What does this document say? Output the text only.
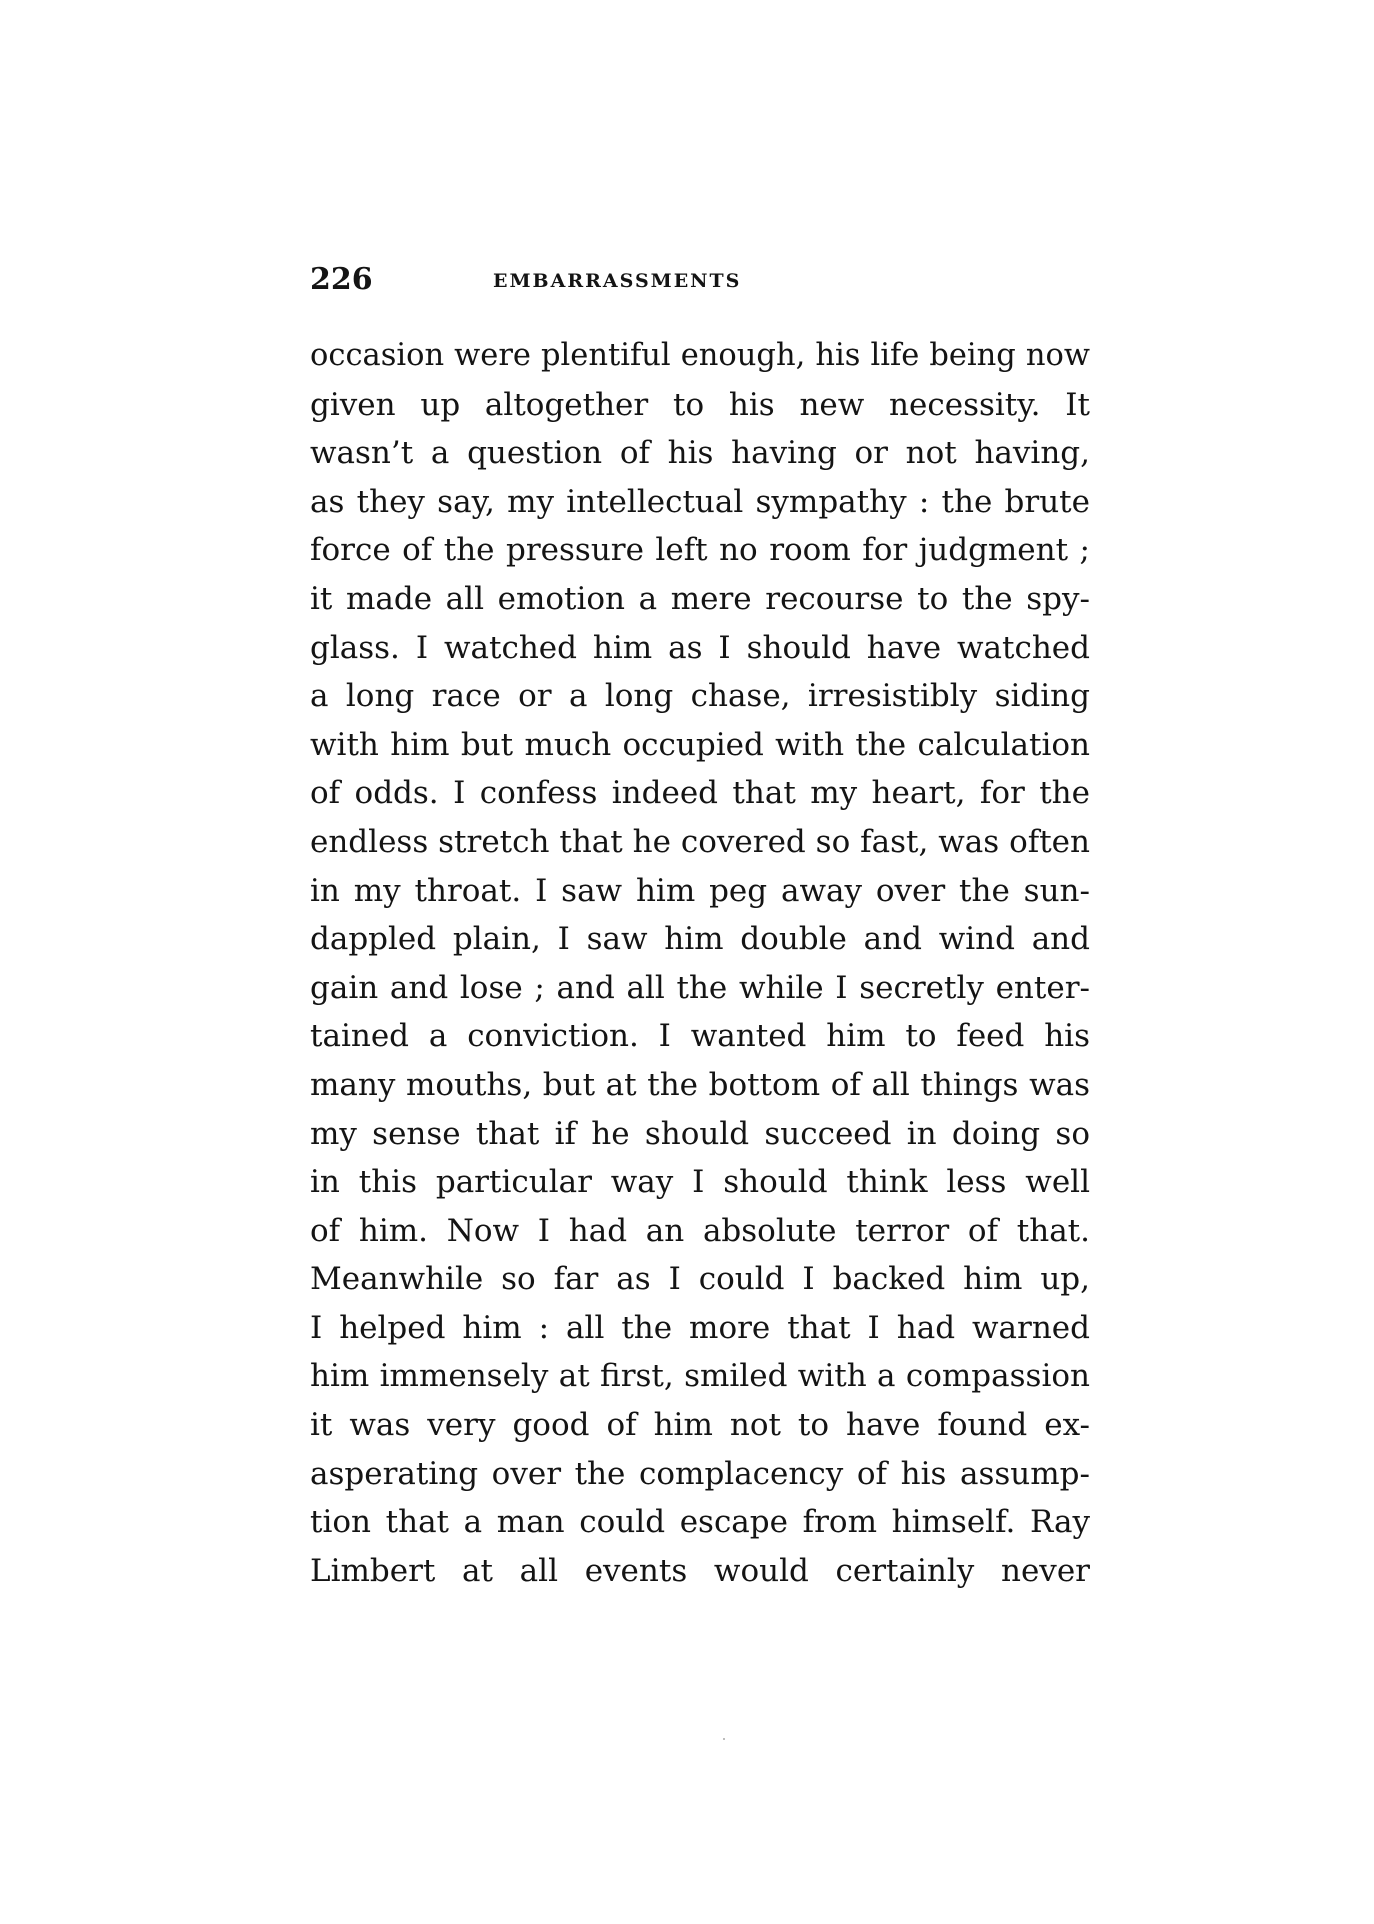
226	EMBARRASSMENTS
occasion were plentiful enough, his life being now
given up altogether to his new necessity. It
wasn’t a question of his having or not having,
as they say, my intellectual sympathy : the brute
force of the pressure left no room for judgment ;
it made all emotion a mere recourse to the spy-
glass. I watched him as I should have watched
a long race or a long chase, irresistibly siding
with him but much occupied with the calculation
of odds. I confess indeed that my heart, for the
endless stretch that he covered so fast, was often
in my throat. I saw him peg away over the sun-
dappled plain, I saw him double and wind and
gain and lose ; and all the while I secretly enter-
tained a conviction. I wanted him to feed his
many mouths, but at the bottom of all things was
my sense that if he should succeed in doing so
in this particular way I should think less well
of him. Now I had an absolute terror of that.
Meanwhile so far as I could I backed him up,
I helped him : all the more that I had warned
him immensely at first, smiled with a compassion
it was very good of him not to have found ex-
asperating over the complacency of his assump-
tion that a man could escape from himself. Ray
Limbert at all events would certainly never
